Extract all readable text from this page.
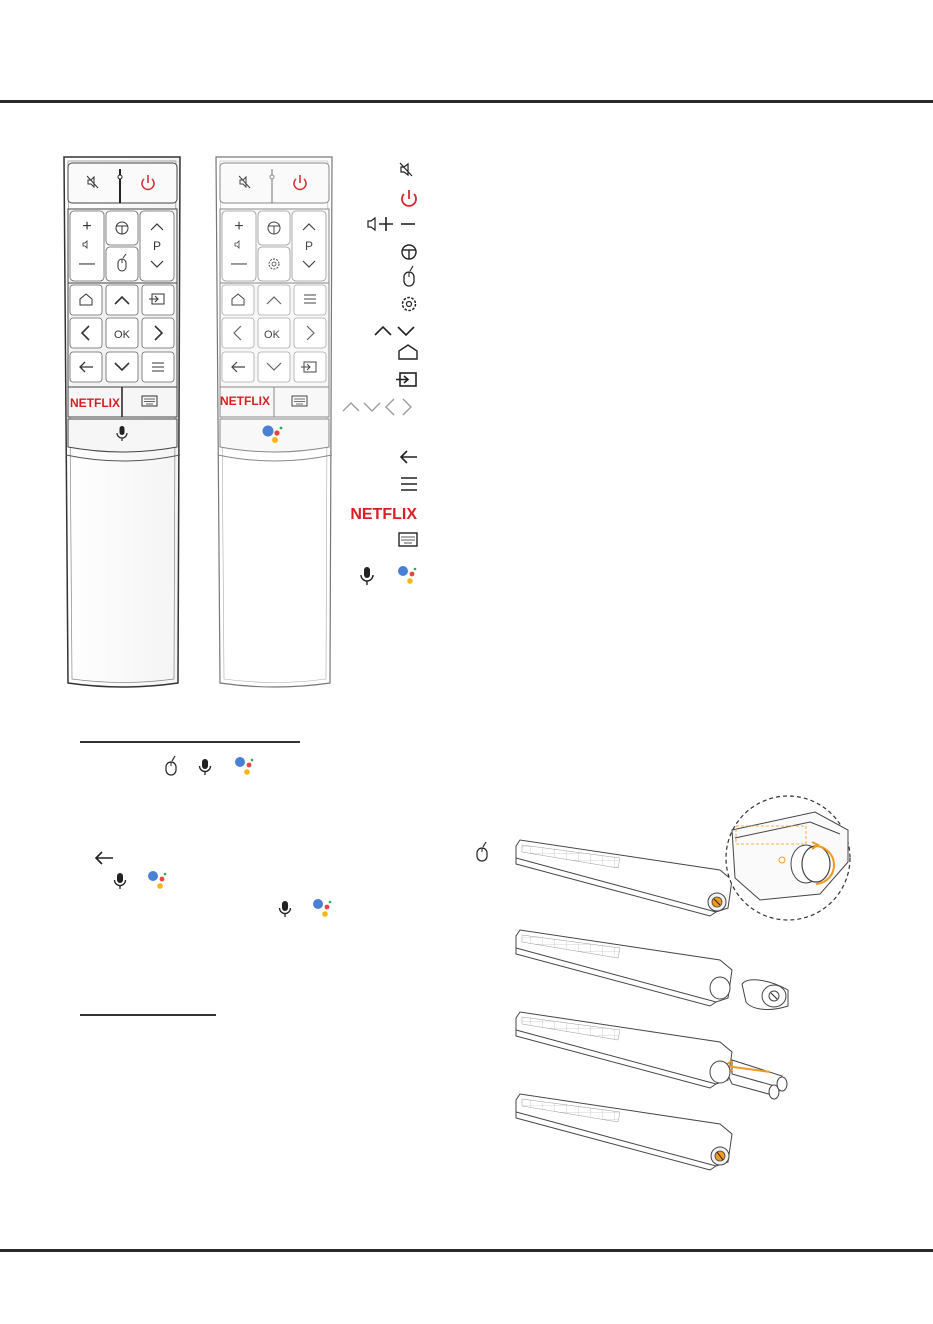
+
—
P
OK
NETFLIX
+
—
P
OK
NETFLIX
NETFLIX
